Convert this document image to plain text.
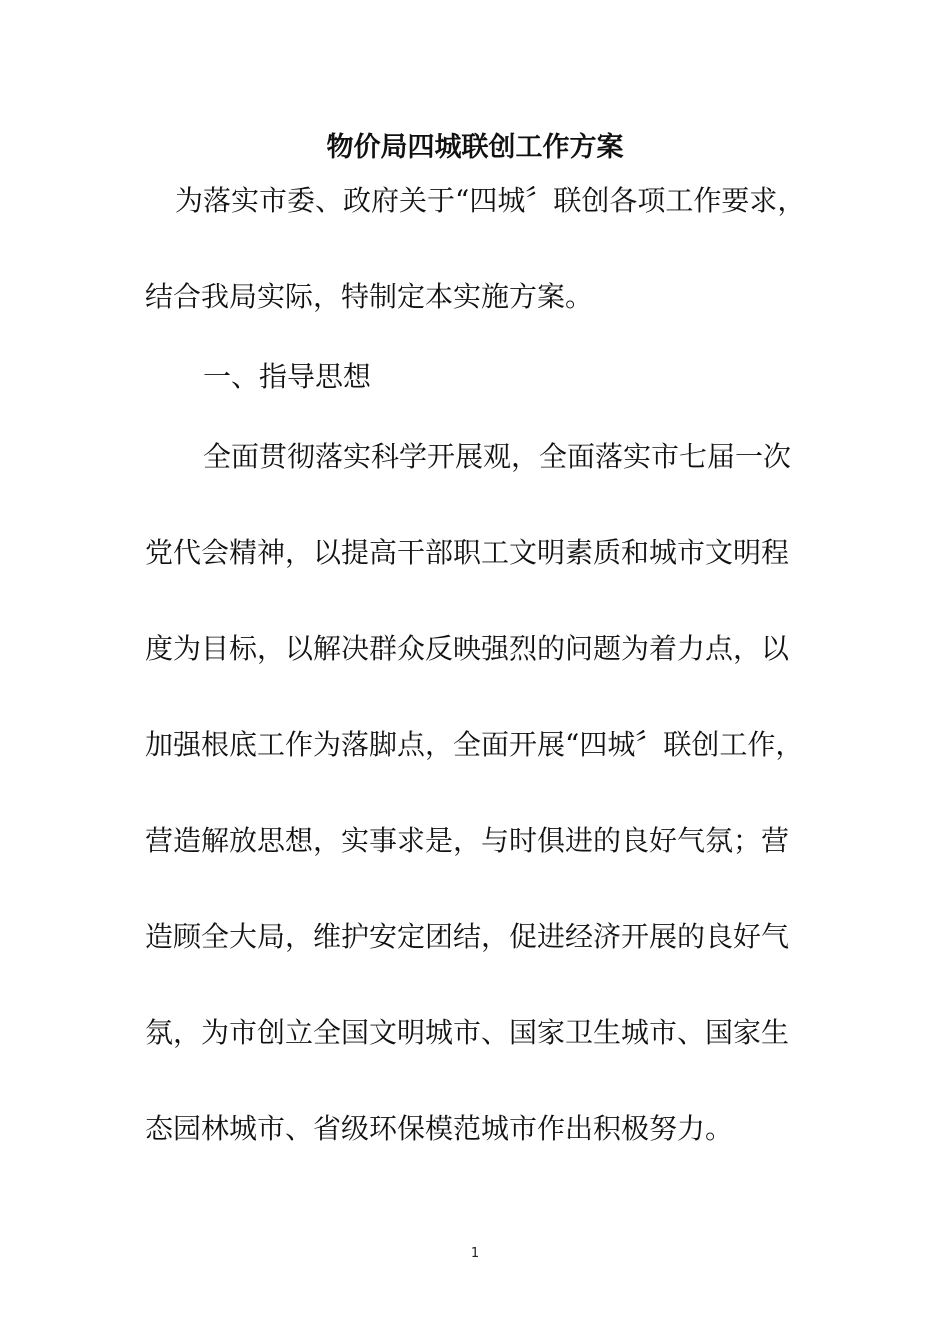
物价局四城联创工作方案

为落实市委、政府关于“四城〞联创各项工作要求，

结合我局实际，特制定本实施方案。

一、指导思想

全面贯彻落实科学开展观，全面落实市七届一次

党代会精神，以提高干部职工文明素质和城市文明程

度为目标，以解决群众反映强烈的问题为着力点，以

加强根底工作为落脚点，全面开展“四城〞联创工作，

营造解放思想，实事求是，与时俱进的良好气氛；营

造顾全大局，维护安定团结，促进经济开展的良好气

氛，为市创立全国文明城市、国家卫生城市、国家生

态园林城市、省级环保模范城市作出积极努力。

1
